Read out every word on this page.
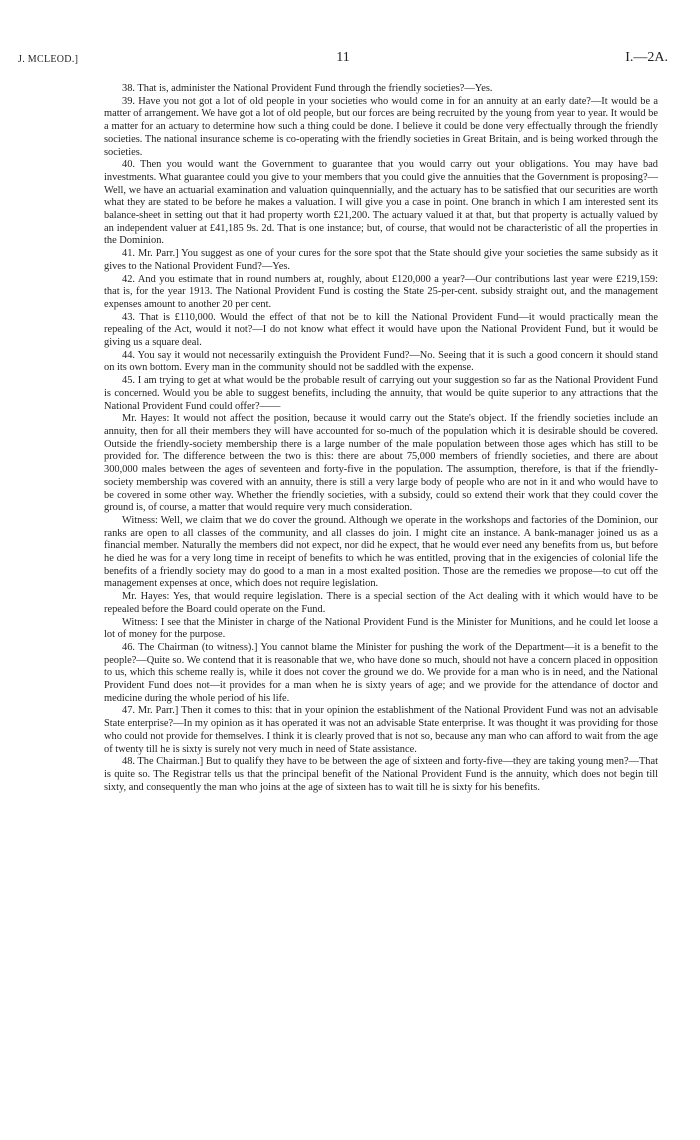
J. MCLEOD.]	11	I.—2A.

38. That is, administer the National Provident Fund through the friendly societies?—Yes.

39. Have you not got a lot of old people in your societies who would come in for an annuity at an early date?—It would be a matter of arrangement. We have got a lot of old people, but our forces are being recruited by the young from year to year. It would be a matter for an actuary to determine how such a thing could be done. I believe it could be done very effectually through the friendly societies. The national insurance scheme is co-operating with the friendly societies in Great Britain, and is being worked through the societies.

40. Then you would want the Government to guarantee that you would carry out your obligations. You may have bad investments. What guarantee could you give to your members that you could give the annuities that the Government is proposing?—Well, we have an actuarial examination and valuation quinquennially, and the actuary has to be satisfied that our securities are worth what they are stated to be before he makes a valuation. I will give you a case in point. One branch in which I am interested sent its balance-sheet in setting out that it had property worth £21,200. The actuary valued it at that, but that property is actually valued by an independent valuer at £41,185 9s. 2d. That is one instance; but, of course, that would not be characteristic of all the properties in the Dominion.

41. Mr. Parr.] You suggest as one of your cures for the sore spot that the State should give your societies the same subsidy as it gives to the National Provident Fund?—Yes.

42. And you estimate that in round numbers at, roughly, about £120,000 a year?—Our contributions last year were £219,159: that is, for the year 1913. The National Provident Fund is costing the State 25-per-cent. subsidy straight out, and the management expenses amount to another 20 per cent.

43. That is £110,000. Would the effect of that not be to kill the National Provident Fund—it would practically mean the repealing of the Act, would it not?—I do not know what effect it would have upon the National Provident Fund, but it would be giving us a square deal.

44. You say it would not necessarily extinguish the Provident Fund?—No. Seeing that it is such a good concern it should stand on its own bottom. Every man in the community should not be saddled with the expense.

45. I am trying to get at what would be the probable result of carrying out your suggestion so far as the National Provident Fund is concerned. Would you be able to suggest benefits, including the annuity, that would be quite superior to any attractions that the National Provident Fund could offer?——

Mr. Hayes: It would not affect the position, because it would carry out the State's object. If the friendly societies include an annuity, then for all their members they will have accounted for so-much of the population which it is desirable should be covered. Outside the friendly-society membership there is a large number of the male population between those ages which has still to be provided for. The difference between the two is this: there are about 75,000 members of friendly societies, and there are about 300,000 males between the ages of seventeen and forty-five in the population. The assumption, therefore, is that if the friendly-society membership was covered with an annuity, there is still a very large body of people who are not in it and who would have to be covered in some other way. Whether the friendly societies, with a subsidy, could so extend their work that they could cover the ground is, of course, a matter that would require very much consideration.

Witness: Well, we claim that we do cover the ground. Although we operate in the workshops and factories of the Dominion, our ranks are open to all classes of the community, and all classes do join. I might cite an instance. A bank-manager joined us as a financial member. Naturally the members did not expect, nor did he expect, that he would ever need any benefits from us, but before he died he was for a very long time in receipt of benefits to which he was entitled, proving that in the exigencies of colonial life the benefits of a friendly society may do good to a man in a most exalted position. Those are the remedies we propose—to cut off the management expenses at once, which does not require legislation.

Mr. Hayes: Yes, that would require legislation. There is a special section of the Act dealing with it which would have to be repealed before the Board could operate on the Fund.

Witness: I see that the Minister in charge of the National Provident Fund is the Minister for Munitions, and he could let loose a lot of money for the purpose.

46. The Chairman (to witness).] You cannot blame the Minister for pushing the work of the Department—it is a benefit to the people?—Quite so. We contend that it is reasonable that we, who have done so much, should not have a concern placed in opposition to us, which this scheme really is, while it does not cover the ground we do. We provide for a man who is in need, and the National Provident Fund does not—it provides for a man when he is sixty years of age; and we provide for the attendance of doctor and medicine during the whole period of his life.

47. Mr. Parr.] Then it comes to this: that in your opinion the establishment of the National Provident Fund was not an advisable State enterprise?—In my opinion as it has operated it was not an advisable State enterprise. It was thought it was providing for those who could not provide for themselves. I think it is clearly proved that is not so, because any man who can afford to wait from the age of twenty till he is sixty is surely not very much in need of State assistance.

48. The Chairman.] But to qualify they have to be between the age of sixteen and forty-five—they are taking young men?—That is quite so. The Registrar tells us that the principal benefit of the National Provident Fund is the annuity, which does not begin till sixty, and consequently the man who joins at the age of sixteen has to wait till he is sixty for his benefits.
